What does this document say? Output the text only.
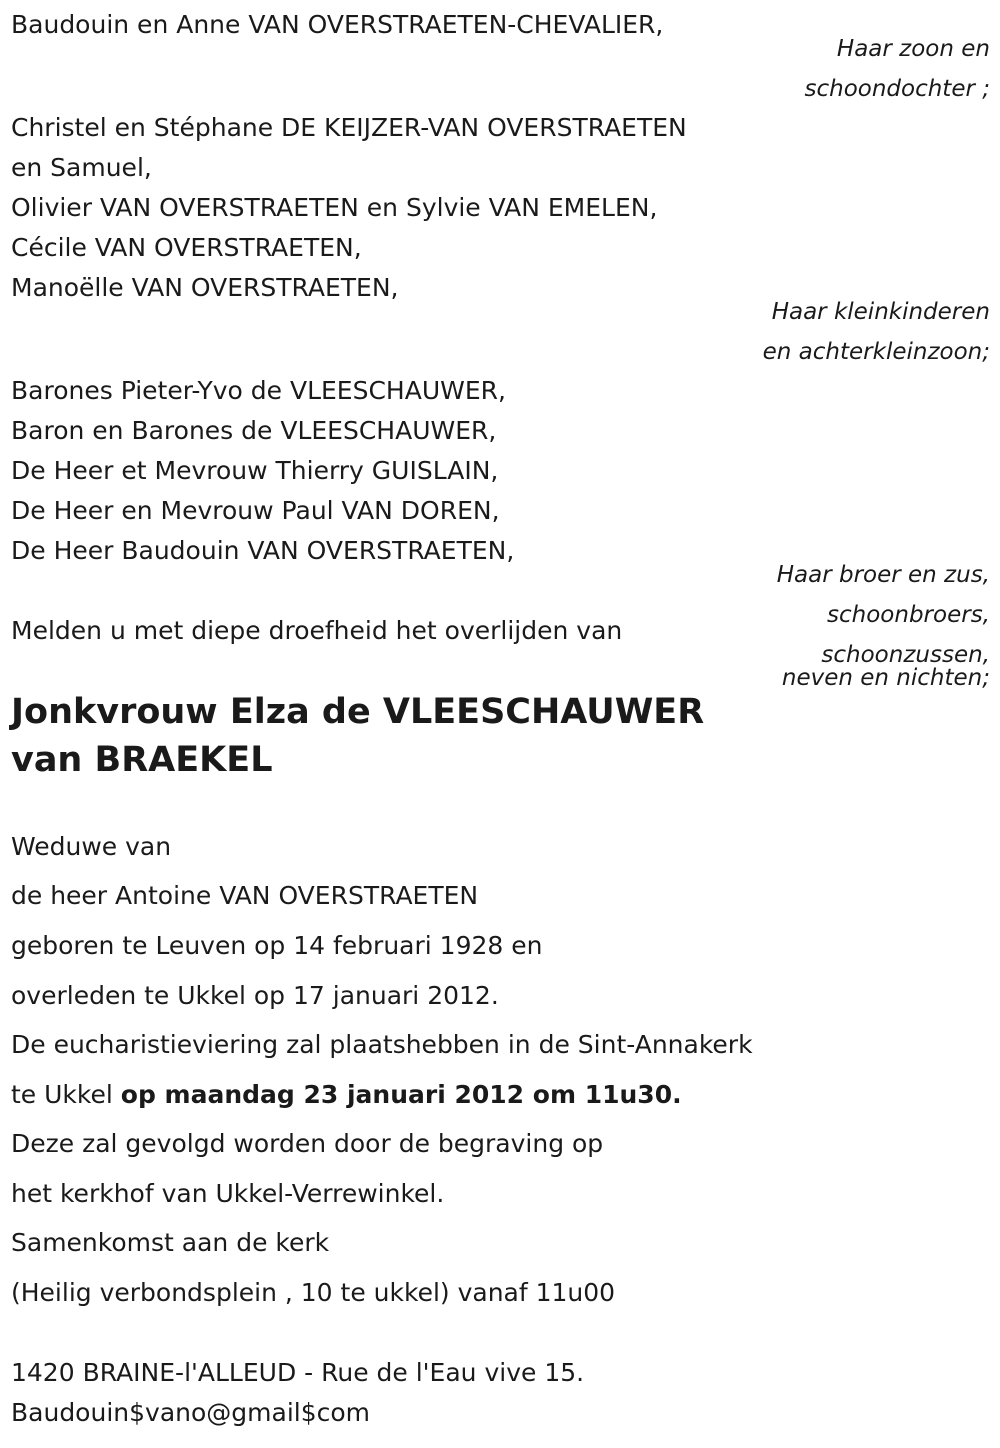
Baudouin en Anne VAN OVERSTRAETEN-CHEVALIER,
Haar zoon en
schoondochter ;
Christel en Stéphane DE KEIJZER-VAN OVERSTRAETEN
en Samuel,
Olivier VAN OVERSTRAETEN en Sylvie VAN EMELEN,
Cécile VAN OVERSTRAETEN,
Manoëlle VAN OVERSTRAETEN,
Haar kleinkinderen
en achterkleinzoon;
Barones Pieter-Yvo de VLEESCHAUWER,
Baron en Barones de VLEESCHAUWER,
De Heer et Mevrouw Thierry GUISLAIN,
De Heer en Mevrouw Paul VAN DOREN,
De Heer Baudouin VAN OVERSTRAETEN,
Haar broer en zus,
schoonbroers,
schoonzussen,
neven en nichten;
Melden u met diepe droefheid het overlijden van
Jonkvrouw Elza de VLEESCHAUWER
van BRAEKEL
Weduwe van
de heer Antoine VAN OVERSTRAETEN
geboren te Leuven op 14 februari 1928 en
overleden te Ukkel op 17 januari 2012.
De eucharistieviering zal plaatshebben in de Sint-Annakerk
te Ukkel op maandag 23 januari 2012 om 11u30.
Deze zal gevolgd worden door de begraving op
het kerkhof van Ukkel-Verrewinkel.
Samenkomst aan de kerk
(Heilig verbondsplein , 10 te ukkel) vanaf 11u00
1420 BRAINE-l'ALLEUD - Rue de l'Eau vive 15.
Baudouin$vano@gmail$com
